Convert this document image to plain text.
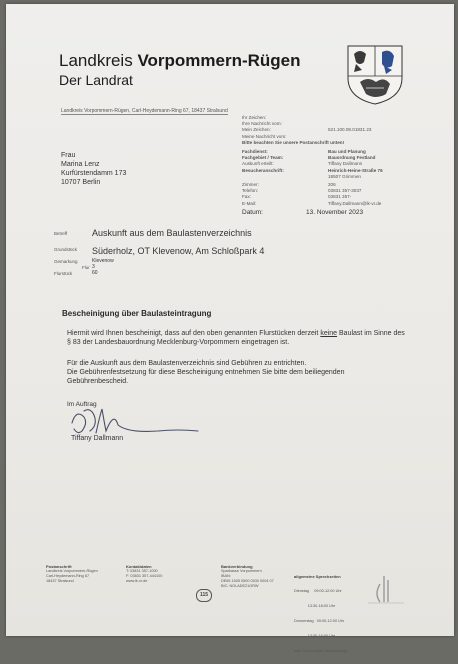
Landkreis Vorpommern-Rügen
Der Landrat
Landkreis Vorpommern-Rügen, Carl-Heydemann-Ring 67, 18437 Stralsund
Frau
Marina Lenz
Kurfürstendamm 173
10707 Berlin
Ihr Zeichen:
Ihre Nachricht vom:
Mein Zeichen:	521.100.08.01831.23
Meine Nachricht vom:
Bitte beachten Sie unsere Postanschrift unten!
Fachdienst:	Bau und Planung
Fachgebiet / Team:	Bauordnung Festland
Auskunft erteilt:	Tiffany Dallmann
Besucheranschrift:	Heinrich-Heine-Straße 76
18507 Grimmen
Zimmer:	206
Telefon:	03831 357-3037
Fax:	03831 357-
E-Mail:	Tiffany.Dallmann@lk-vr.de
Datum:	13. November 2023
Betreff	Auskunft aus dem Baulastenverzeichnis
Grundstück Süderholz, OT Klevenow, Am Schloßpark 4
Gemarkung	Klevenow
Flur 3
Flurstück	60
Bescheinigung über Baulasteintragung
Hiermit wird Ihnen bescheinigt, dass auf den oben genannten Flurstücken derzeit keine Baulast im Sinne des § 83 der Landesbauordnung Mecklenburg-Vorpommern eingetragen ist.
Für die Auskunft aus dem Baulastenverzeichnis sind Gebühren zu entrichten.
Die Gebührenfestsetzung für diese Bescheinigung entnehmen Sie bitte dem beiliegenden Gebührenbescheid.
Im Auftrag
Tiffany Dallmann
Postanschrift
Landkreis Vorpommern-Rügen
Carl-Heydemann-Ring 67
18437 Stralsund
Kontaktdaten
T: 03831 357-1000
F: 03831 357-444100
www.lk-vr.de
115
Bankverbindung
Sparkasse Vorpommern
IBAN:
DE65 1505 0500 0530 0004 07
BIC: NOLADE21GRW

allgemeine Sprechzeiten

Dienstag     09:00-12:00 Uhr

13:30-18:00 Uhr

Donnerstag   09:00-12:00 Uhr

13:30-16:00 Uhr

oder Termin nach Vereinbarung
